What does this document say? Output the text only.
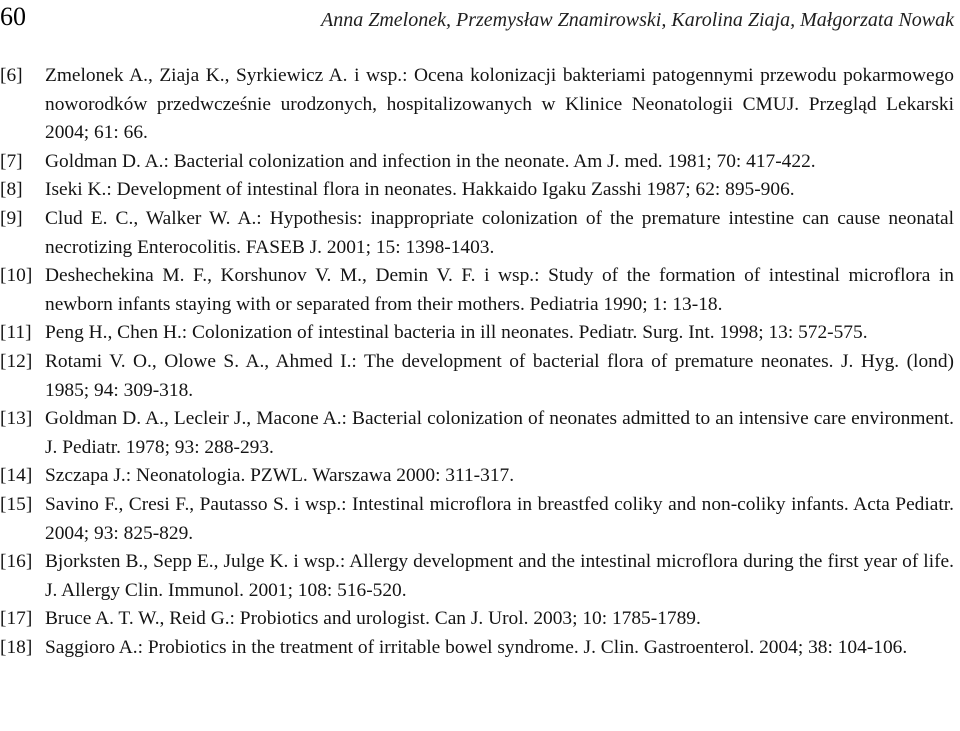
60	Anna Zmelonek, Przemysław Znamirowski, Karolina Ziaja, Małgorzata Nowak
[6] Zmelonek A., Ziaja K., Syrkiewicz A. i wsp.: Ocena kolonizacji bakteriami patogennymi przewodu pokarmowego noworodków przedwcześnie urodzonych, hospitalizowanych w Klinice Neonatologii CMUJ. Przegląd Lekarski 2004; 61: 66.
[7] Goldman D. A.: Bacterial colonization and infection in the neonate. Am J. med. 1981; 70: 417-422.
[8] Iseki K.: Development of intestinal flora in neonates. Hakkaido Igaku Zasshi 1987; 62: 895-906.
[9] Clud E. C., Walker W. A.: Hypothesis: inappropriate colonization of the premature intestine can cause neonatal necrotizing Enterocolitis. FASEB J. 2001; 15: 1398-1403.
[10] Deshechekina M. F., Korshunov V. M., Demin V. F. i wsp.: Study of the formation of intestinal microflora in newborn infants staying with or separated from their mothers. Pediatria 1990; 1: 13-18.
[11] Peng H., Chen H.: Colonization of intestinal bacteria in ill neonates. Pediatr. Surg. Int. 1998; 13: 572-575.
[12] Rotami V. O., Olowe S. A., Ahmed I.: The development of bacterial flora of premature neonates. J. Hyg. (lond) 1985; 94: 309-318.
[13] Goldman D. A., Lecleir J., Macone A.: Bacterial colonization of neonates admitted to an intensive care environment. J. Pediatr. 1978; 93: 288-293.
[14] Szczapa J.: Neonatologia. PZWL. Warszawa 2000: 311-317.
[15] Savino F., Cresi F., Pautasso S. i wsp.: Intestinal microflora in breastfed coliky and non-coliky infants. Acta Pediatr. 2004; 93: 825-829.
[16] Bjorksten B., Sepp E., Julge K. i wsp.: Allergy development and the intestinal microflora during the first year of life. J. Allergy Clin. Immunol. 2001; 108: 516-520.
[17] Bruce A. T. W., Reid G.: Probiotics and urologist. Can J. Urol. 2003; 10: 1785-1789.
[18] Saggioro A.: Probiotics in the treatment of irritable bowel syndrome. J. Clin. Gastroenterol. 2004; 38: 104-106.
